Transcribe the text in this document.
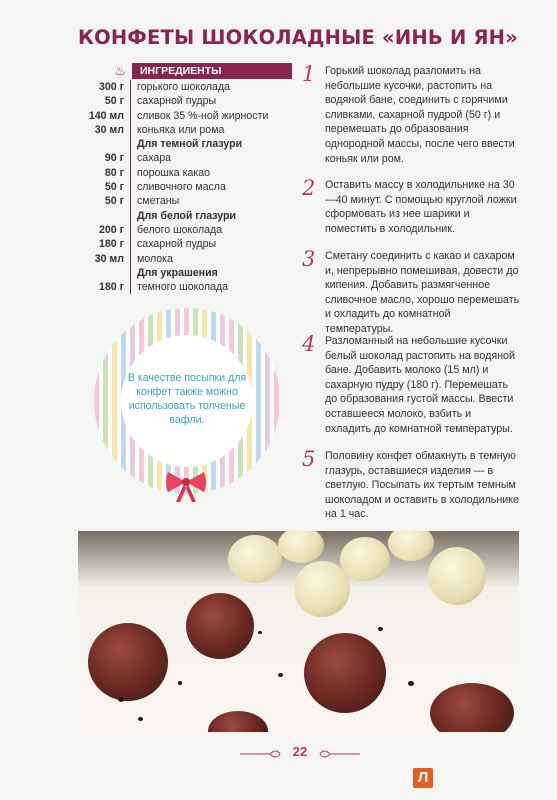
КОНФЕТЫ ШОКОЛАДНЫЕ «ИНЬ И ЯН»
♨	ИНГРЕДИЕНТЫ
300 г	горького шоколада
50 г	сахарной пудры
140 мл	сливок 35 %-ной жирности
30 мл	коньяка или рома
	Для темной глазури
90 г	сахара
80 г	порошка какао
50 г	сливочного масла
50 г	сметаны
	Для белой глазури
200 г	белого шоколада
180 г	сахарной пудры
30 мл	молока
	Для украшения
180 г	темного шоколада
В качестве посыпки для конфет также можно использовать толченые вафли.
1 Горький шоколад разломить на небольшие кусочки, растопить на водяной бане, соединить с горячими сливками, сахарной пудрой (50 г) и перемешать до образования однородной массы, после чего ввести коньяк или ром.
2 Оставить массу в холодильнике на 30—40 минут. С помощью круглой ложки сформовать из нее шарики и поместить в холодильник.
3 Сметану соединить с какао и сахаром и, непрерывно помешивая, довести до кипения. Добавить размягченное сливочное масло, хорошо перемешать и охладить до комнатной температуры.
4 Разломанный на небольшие кусочки белый шоколад растопить на водяной бане. Добавить молоко (15 мл) и сахарную пудру (180 г). Перемешать до образования густой массы. Ввести оставшееся молоко, взбить и охладить до комнатной температуры.
5 Половину конфет обмакнуть в темную глазурь, оставшиеся изделия — в светлую. Посыпать их тертым темным шоколадом и оставить в холодильнике на 1 час.
22
Л
